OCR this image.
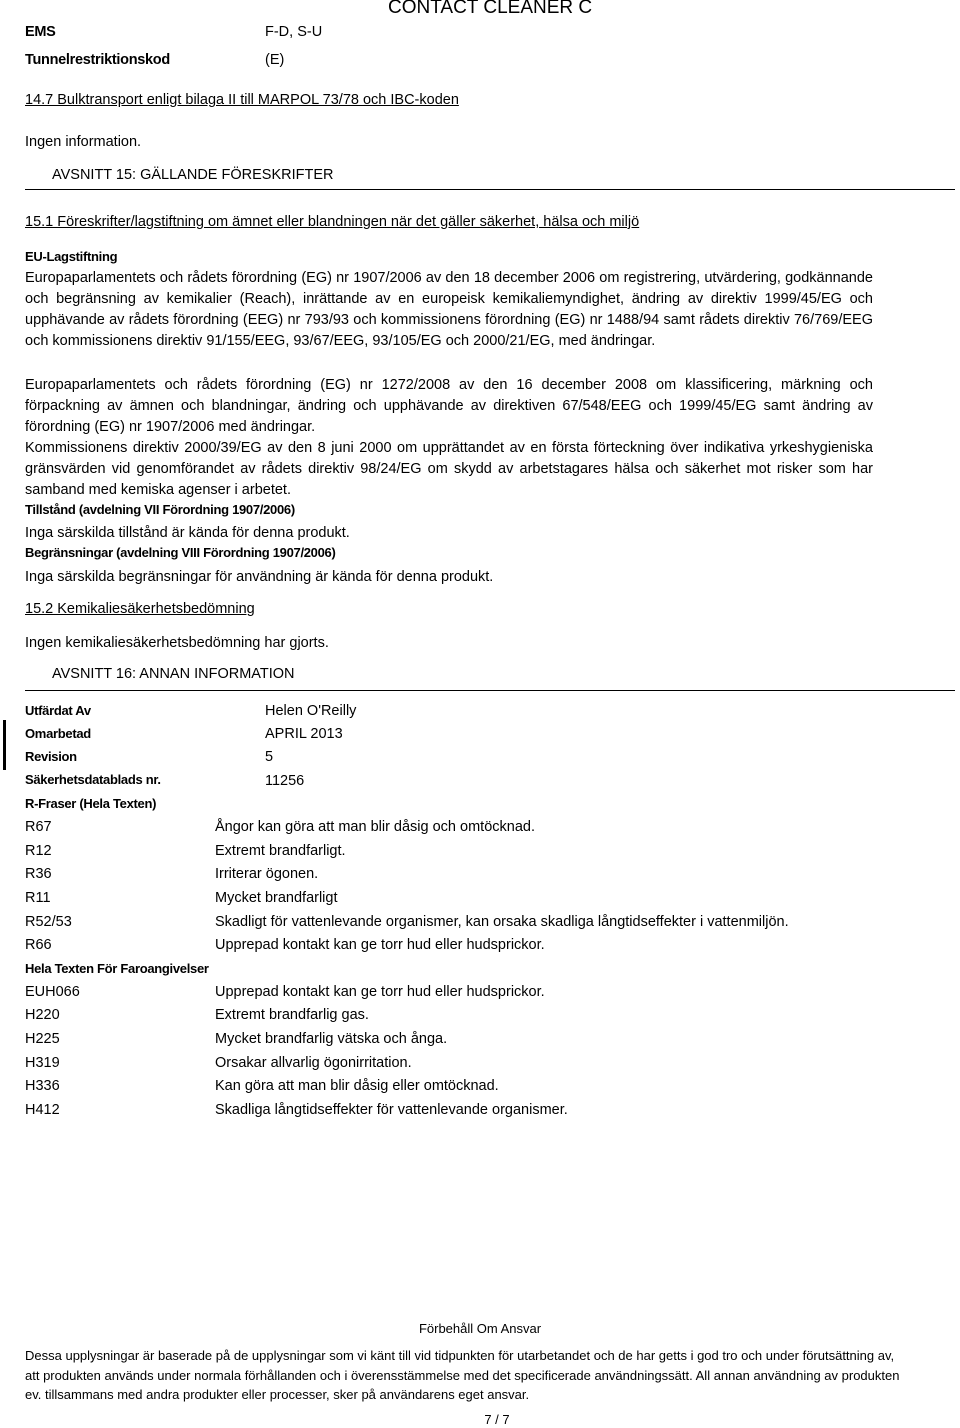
EMS	F-D, S-U
CONTACT CLEANER C
Tunnelrestriktionskod	(E)
14.7 Bulktransport enligt bilaga II till MARPOL 73/78 och IBC-koden
Ingen information.
AVSNITT 15: GÄLLANDE FÖRESKRIFTER
15.1 Föreskrifter/lagstiftning om ämnet eller blandningen när det gäller säkerhet, hälsa och miljö
EU-Lagstiftning
Europaparlamentets och rådets förordning (EG) nr 1907/2006 av den 18 december 2006 om registrering, utvärdering, godkännande och begränsning av kemikalier (Reach), inrättande av en europeisk kemikaliemyndighet, ändring av direktiv 1999/45/EG och upphävande av rådets förordning (EEG) nr 793/93 och kommissionens förordning (EG) nr 1488/94 samt rådets direktiv 76/769/EEG och kommissionens direktiv 91/155/EEG, 93/67/EEG, 93/105/EG och 2000/21/EG, med ändringar.
Europaparlamentets och rådets förordning (EG) nr 1272/2008 av den 16 december 2008 om klassificering, märkning och förpackning av ämnen och blandningar, ändring och upphävande av direktiven 67/548/EEG och 1999/45/EG samt ändring av förordning (EG) nr 1907/2006 med ändringar.
Kommissionens direktiv 2000/39/EG av den 8 juni 2000 om upprättandet av en första förteckning över indikativa yrkeshygieniska gränsvärden vid genomförandet av rådets direktiv 98/24/EG om skydd av arbetstagares hälsa och säkerhet mot risker som har samband med kemiska agenser i arbetet.
Tillstånd (avdelning VII Förordning 1907/2006)
Inga särskilda tillstånd är kända för denna produkt.
Begränsningar (avdelning VIII Förordning 1907/2006)
Inga särskilda begränsningar för användning är kända för denna produkt.
15.2 Kemikaliesäkerhetsbedömning
Ingen kemikaliesäkerhetsbedömning har gjorts.
AVSNITT 16: ANNAN INFORMATION
Utfärdat Av	Helen O'Reilly
Omarbetad	APRIL 2013
Revision	5
Säkerhetsdatablads nr.	11256
R-Fraser (Hela Texten)
R67	Ångor kan göra att man blir dåsig och omtöcknad.
R12	Extremt brandfarligt.
R36	Irriterar ögonen.
R11	Mycket brandfarligt
R52/53	Skadligt för vattenlevande organismer, kan orsaka skadliga långtidseffekter i vattenmiljön.
R66	Upprepad kontakt kan ge torr hud eller hudsprickor.
Hela Texten För Faroangivelser
EUH066	Upprepad kontakt kan ge torr hud eller hudsprickor.
H220	Extremt brandfarlig gas.
H225	Mycket brandfarlig vätska och ånga.
H319	Orsakar allvarlig ögonirritation.
H336	Kan göra att man blir dåsig eller omtöcknad.
H412	Skadliga långtidseffekter för vattenlevande organismer.
Förbehåll Om Ansvar
Dessa upplysningar är baserade på de upplysningar som vi känt till vid tidpunkten för utarbetandet och de har getts i god tro och under förutsättning av,
att produkten används under normala förhållanden och i överensstämmelse med det specificerade användningssätt. All annan användning av produkten
ev. tillsammans med andra produkter eller processer, sker på användarens eget ansvar.
7 / 7
